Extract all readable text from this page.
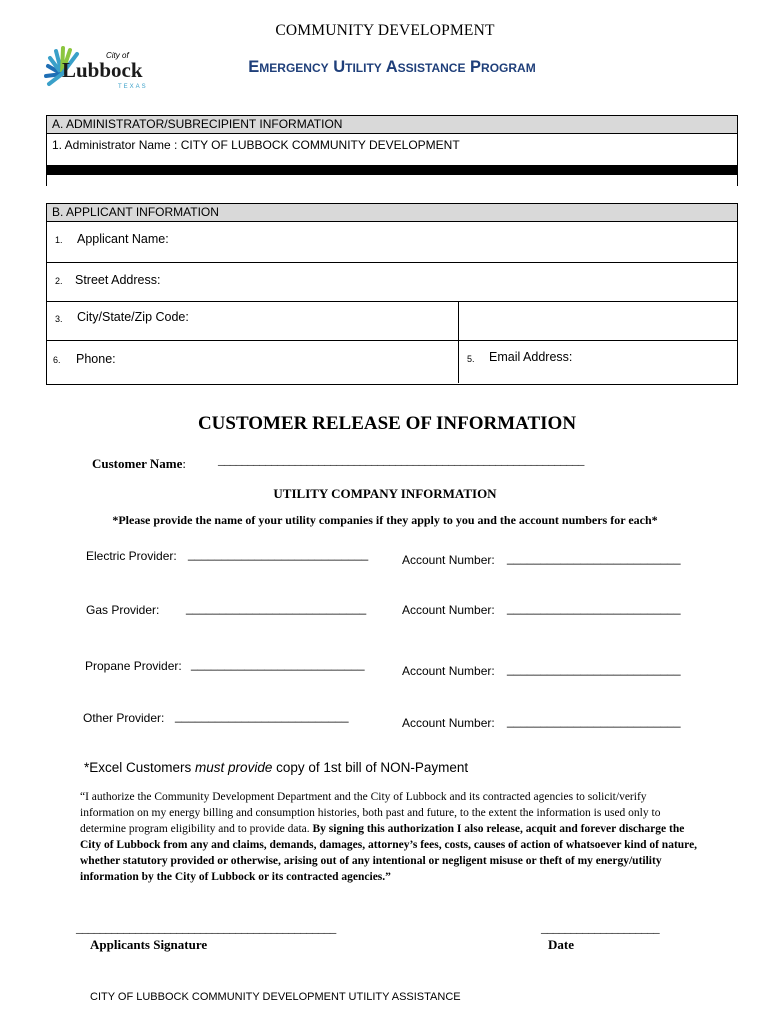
COMMUNITY DEVELOPMENT
City of
Lubbock
TEXAS
Emergency Utility Assistance Program
A. ADMINISTRATOR/SUBRECIPIENT INFORMATION
1. Administrator Name : CITY OF LUBBOCK COMMUNITY DEVELOPMENT
B. APPLICANT INFORMATION
1. Applicant Name:
2. Street Address:
3. City/State/Zip Code:
6. Phone:	5. Email Address:
CUSTOMER RELEASE OF INFORMATION
Customer Name: ______________________________________________________________
UTILITY COMPANY INFORMATION
*Please provide the name of your utility companies if they apply to you and the account numbers for each*
Electric Provider: ___________________________	Account Number: __________________________
Gas Provider: ___________________________	Account Number: __________________________
Propane Provider: __________________________	Account Number: __________________________
Other Provider: __________________________	Account Number: __________________________
*Excel Customers must provide copy of 1st bill of NON-Payment
“I authorize the Community Development Department and the City of Lubbock and its contracted agencies to solicit/verify information on my energy billing and consumption histories, both past and future, to the extent the information is used only to determine program eligibility and to provide data. By signing this authorization I also release, acquit and forever discharge the City of Lubbock from any and claims, demands, damages, attorney’s fees, costs, causes of action of whatsoever kind of nature, whether statutory provided or otherwise, arising out of any intentional or negligent misuse or theft of my energy/utility information by the City of Lubbock or its contracted agencies.”
____________________________________________
Applicants Signature
____________________
Date
CITY OF LUBBOCK COMMUNITY DEVELOPMENT UTILITY ASSISTANCE
